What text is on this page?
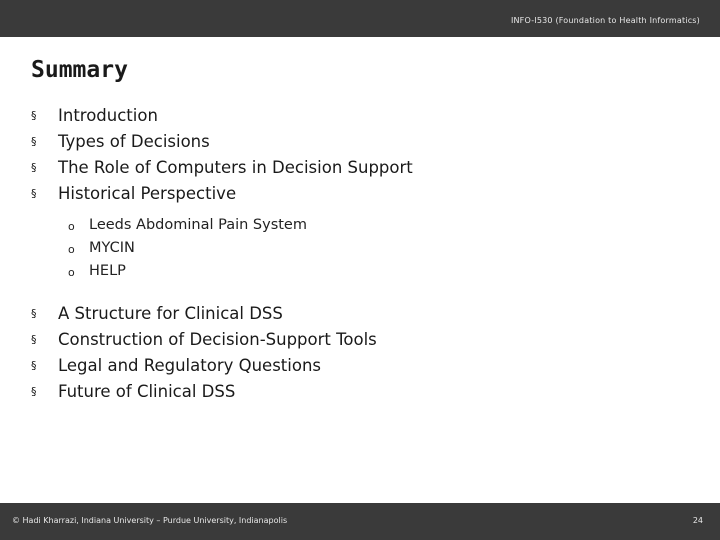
INFO-I530 (Foundation to Health Informatics)
Summary
§ Introduction
§ Types of Decisions
§ The Role of Computers in Decision Support
§ Historical Perspective
o Leeds Abdominal Pain System
o MYCIN
o HELP
§ A Structure for Clinical DSS
§ Construction of Decision-Support Tools
§ Legal and Regulatory Questions
§ Future of Clinical DSS
© Hadi Kharrazi, Indiana University – Purdue University, Indianapolis	24
